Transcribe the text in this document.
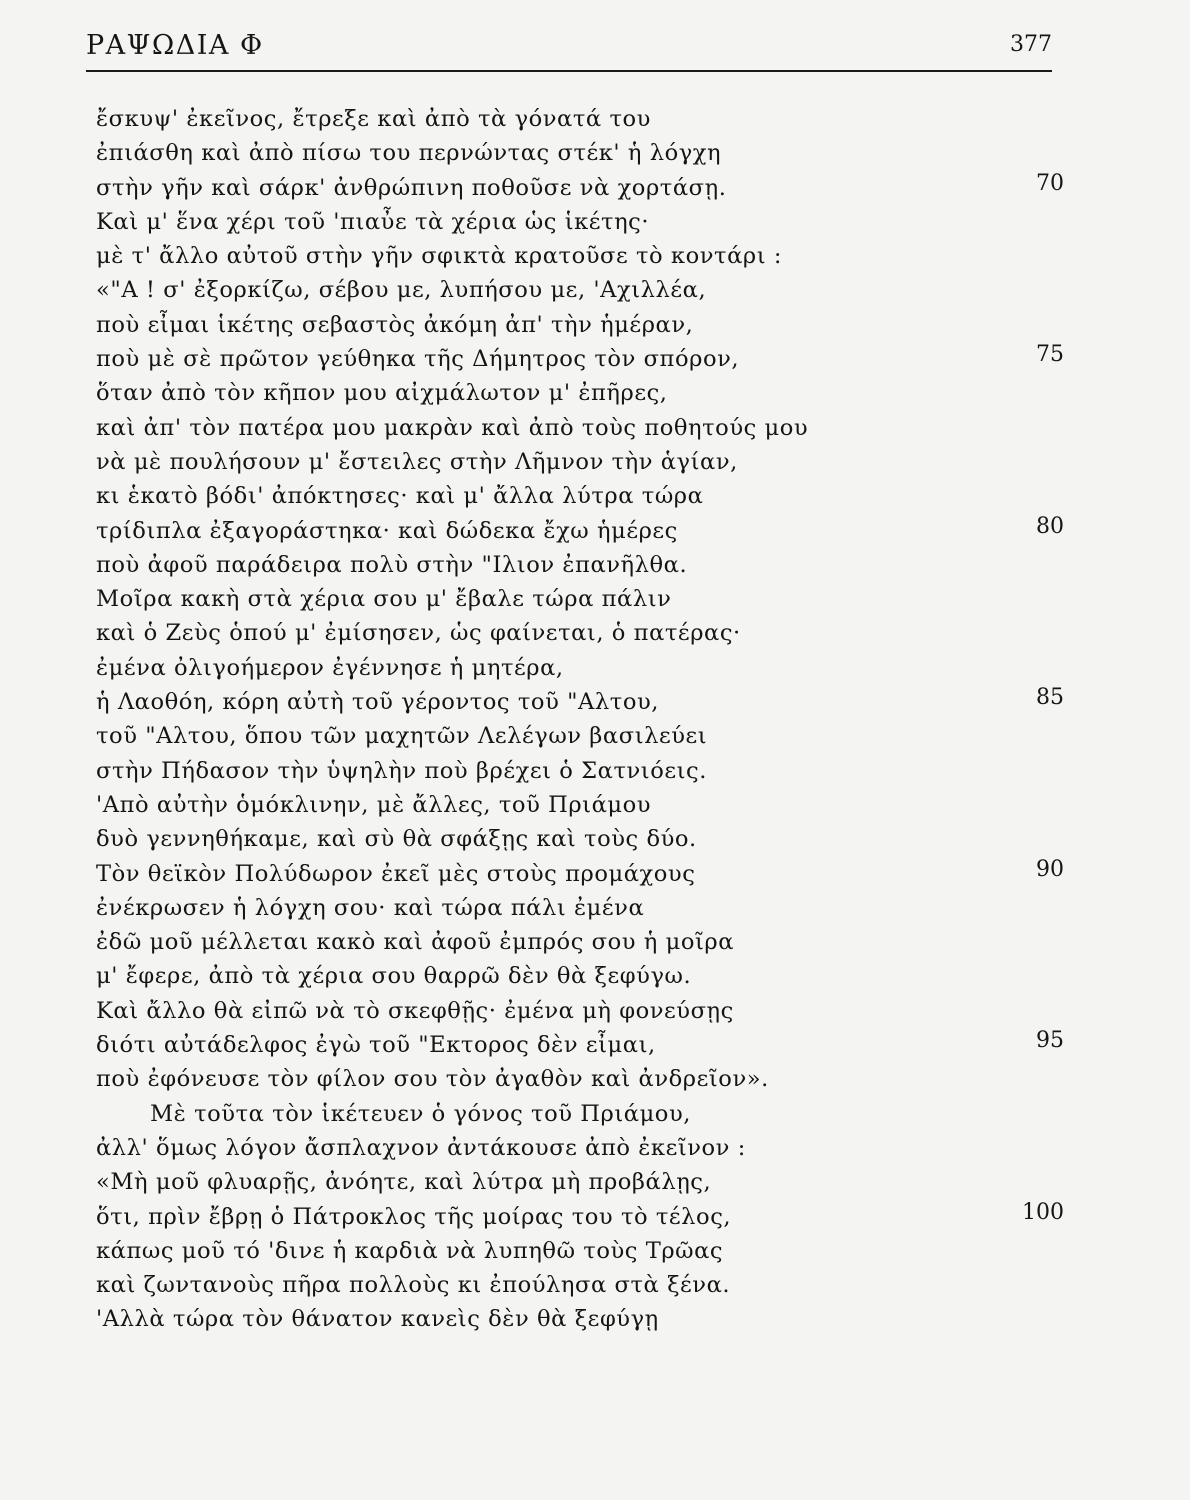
ΡΑΨΩΔΙΑ Φ	377
ἔσκυψ' ἐκεῖνος, ἔτρεξε καὶ ἀπὸ τὰ γόνατά του
ἐπιάσθη καὶ ἀπὸ πίσω του περνώντας στέκ' ἡ λόγχη
στὴν γῆν καὶ σάρκ' ἀνθρώπινη ποθοῦσε νὰ χορτάσῃ.	70
Καὶ μ' ἕνα χέρι τοῦ 'πιαὖε τὰ χέρια ὡς ἱκέτης·
μὲ τ' ἄλλο αὐτοῦ στὴν γῆν σφικτὰ κρατοῦσε τὸ κοντάρι :
«"Α ! σ' ἐξορκίζω, σέβου με, λυπήσου με, 'Αχιλλέα,
ποὺ εἶμαι ἱκέτης σεβαστὸς ἀκόμη ἀπ' τὴν ἡμέραν,
ποὺ μὲ σὲ πρῶτον γεύθηκα τῆς Δήμητρος τὸν σπόρον,	75
ὅταν ἀπὸ τὸν κῆπον μου αἰχμάλωτον μ' ἐπῆρες,
καὶ ἀπ' τὸν πατέρα μου μακρὰν καὶ ἀπὸ τοὺς ποθητούς μου
νὰ μὲ πουλήσουν μ' ἔστειλες στὴν Λῆμνον τὴν ἁγίαν,
κι ἑκατὸ βόδι' ἀπόκτησες· καὶ μ' ἄλλα λύτρα τώρα
τρίδιπλα ἐξαγοράστηκα· καὶ δώδεκα ἔχω ἡμέρες	80
ποὺ ἀφοῦ παράδειρα πολὺ στὴν "Ιλιον ἐπανῆλθα.
Μοῖρα κακὴ στὰ χέρια σου μ' ἔβαλε τώρα πάλιν
καὶ ὁ Ζεὺς ὁπού μ' ἐμίσησεν, ὡς φαίνεται, ὁ πατέρας·
ἐμένα ὀλιγοήμερον ἐγέννησε ἡ μητέρα,
ἡ Λαοθόη, κόρη αὐτὴ τοῦ γέροντος τοῦ "Αλτου,	85
τοῦ "Αλτου, ὅπου τῶν μαχητῶν Λελέγων βασιλεύει
στὴν Πήδασον τὴν ὑψηλὴν ποὺ βρέχει ὁ Σατνιόεις.
'Απὸ αὐτὴν ὁμόκλινην, μὲ ἄλλες, τοῦ Πριάμου
δυὸ γεννηθήκαμε, καὶ σὺ θὰ σφάξῃς καὶ τοὺς δύο.
Τὸν θεϊκὸν Πολύδωρον ἐκεῖ μὲς στοὺς προμάχους	90
ἐνέκρωσεν ἡ λόγχη σου· καὶ τώρα πάλι ἐμένα
ἐδῶ μοῦ μέλλεται κακὸ καὶ ἀφοῦ ἐμπρός σου ἡ μοῖρα
μ' ἔφερε, ἀπὸ τὰ χέρια σου θαρρῶ δὲν θὰ ξεφύγω.
Καὶ ἄλλο θὰ εἰπῶ νὰ τὸ σκεφθῇς· ἐμένα μὴ φονεύσῃς
διότι αὐτάδελφος ἐγὼ τοῦ "Εκτορος δὲν εἶμαι,	95
ποὺ ἐφόνευσε τὸν φίλον σου τὸν ἀγαθὸν καὶ ἀνδρεῖον».
Μὲ τοῦτα τὸν ἱκέτευεν ὁ γόνος τοῦ Πριάμου,
ἀλλ' ὅμως λόγον ἄσπλαχνον ἀντάκουσε ἀπὸ ἐκεῖνον :
«Μὴ μοῦ φλυαρῇς, ἀνόητε, καὶ λύτρα μὴ προβάλῃς,
ὅτι, πρὶν ἔβρῃ ὁ Πάτροκλος τῆς μοίρας του τὸ τέλος,	100
κάπως μοῦ τό 'δινε ἡ καρδιὰ νὰ λυπηθῶ τοὺς Τρῶας
καὶ ζωντανοὺς πῆρα πολλοὺς κι ἐπούλησα στὰ ξένα.
'Αλλὰ τώρα τὸν θάνατον κανεὶς δὲν θὰ ξεφύγῃ
